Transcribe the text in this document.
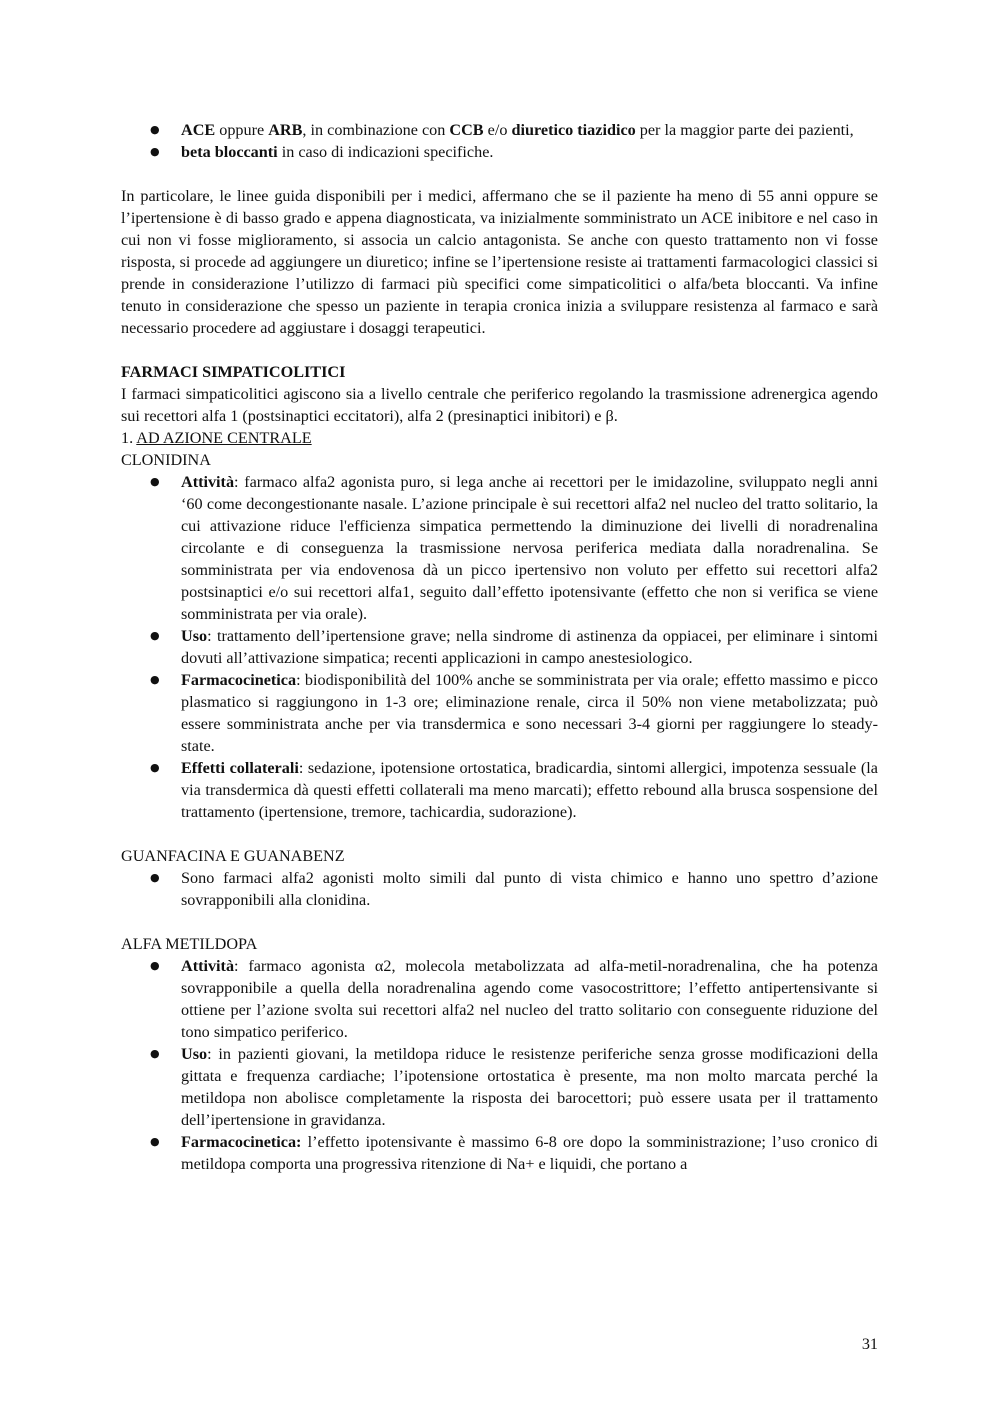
● ACE oppure ARB, in combinazione con CCB e/o diuretico tiazidico per la maggior parte dei pazienti,
● beta bloccanti in caso di indicazioni specifiche.

In particolare, le linee guida disponibili per i medici, affermano che se il paziente ha meno di 55 anni oppure se l’ipertensione è di basso grado e appena diagnosticata, va inizialmente somministrato un ACE inibitore e nel caso in cui non vi fosse miglioramento, si associa un calcio antagonista. Se anche con questo trattamento non vi fosse risposta, si procede ad aggiungere un diuretico; infine se l’ipertensione resiste ai trattamenti farmacologici classici si prende in considerazione l’utilizzo di farmaci più specifici come simpaticolitici o alfa/beta bloccanti. Va infine tenuto in considerazione che spesso un paziente in terapia cronica inizia a sviluppare resistenza al farmaco e sarà necessario procedere ad aggiustare i dosaggi terapeutici.

FARMACI SIMPATICOLITICI

I farmaci simpaticolitici agiscono sia a livello centrale che periferico regolando la trasmissione adrenergica agendo sui recettori alfa 1 (postsinaptici eccitatori), alfa 2 (presinaptici inibitori) e β.

1. AD AZIONE CENTRALE
CLONIDINA
● Attività: farmaco alfa2 agonista puro, si lega anche ai recettori per le imidazoline, sviluppato negli anni ‘60 come decongestionante nasale. L’azione principale è sui recettori alfa2 nel nucleo del tratto solitario, la cui attivazione riduce l'efficienza simpatica permettendo la diminuzione dei livelli di noradrenalina circolante e di conseguenza la trasmissione nervosa periferica mediata dalla noradrenalina. Se somministrata per via endovenosa dà un picco ipertensivo non voluto per effetto sui recettori alfa2 postsinaptici e/o sui recettori alfa1, seguito dall’effetto ipotensivante (effetto che non si verifica se viene somministrata per via orale).
● Uso: trattamento dell’ipertensione grave; nella sindrome di astinenza da oppiacei, per eliminare i sintomi dovuti all’attivazione simpatica; recenti applicazioni in campo anestesiologico.
● Farmacocinetica: biodisponibilità del 100% anche se somministrata per via orale; effetto massimo e picco plasmatico si raggiungono in 1-3 ore; eliminazione renale, circa il 50% non viene metabolizzata; può essere somministrata anche per via transdermica e sono necessari 3-4 giorni per raggiungere lo steady-state.
● Effetti collaterali: sedazione, ipotensione ortostatica, bradicardia, sintomi allergici, impotenza sessuale (la via transdermica dà questi effetti collaterali ma meno marcati); effetto rebound alla brusca sospensione del trattamento (ipertensione, tremore, tachicardia, sudorazione).
GUANFACINA E GUANABENZ
● Sono farmaci alfa2 agonisti molto simili dal punto di vista chimico e hanno uno spettro d’azione sovrapponibili alla clonidina.
ALFA METILDOPA
● Attività: farmaco agonista α2, molecola metabolizzata ad alfa-metil-noradrenalina, che ha potenza sovrapponibile a quella della noradrenalina agendo come vasocostrittore; l’effetto antipertensivante si ottiene per l’azione svolta sui recettori alfa2 nel nucleo del tratto solitario con conseguente riduzione del tono simpatico periferico.
● Uso: in pazienti giovani, la metildopa riduce le resistenze periferiche senza grosse modificazioni della gittata e frequenza cardiache; l’ipotensione ortostatica è presente, ma non molto marcata perché la metildopa non abolisce completamente la risposta dei barocettori; può essere usata per il trattamento dell’ipertensione in gravidanza.
● Farmacocinetica: l’effetto ipotensivante è massimo 6-8 ore dopo la somministrazione; l’uso cronico di metildopa comporta una progressiva ritenzione di Na+ e liquidi, che portano a
31
